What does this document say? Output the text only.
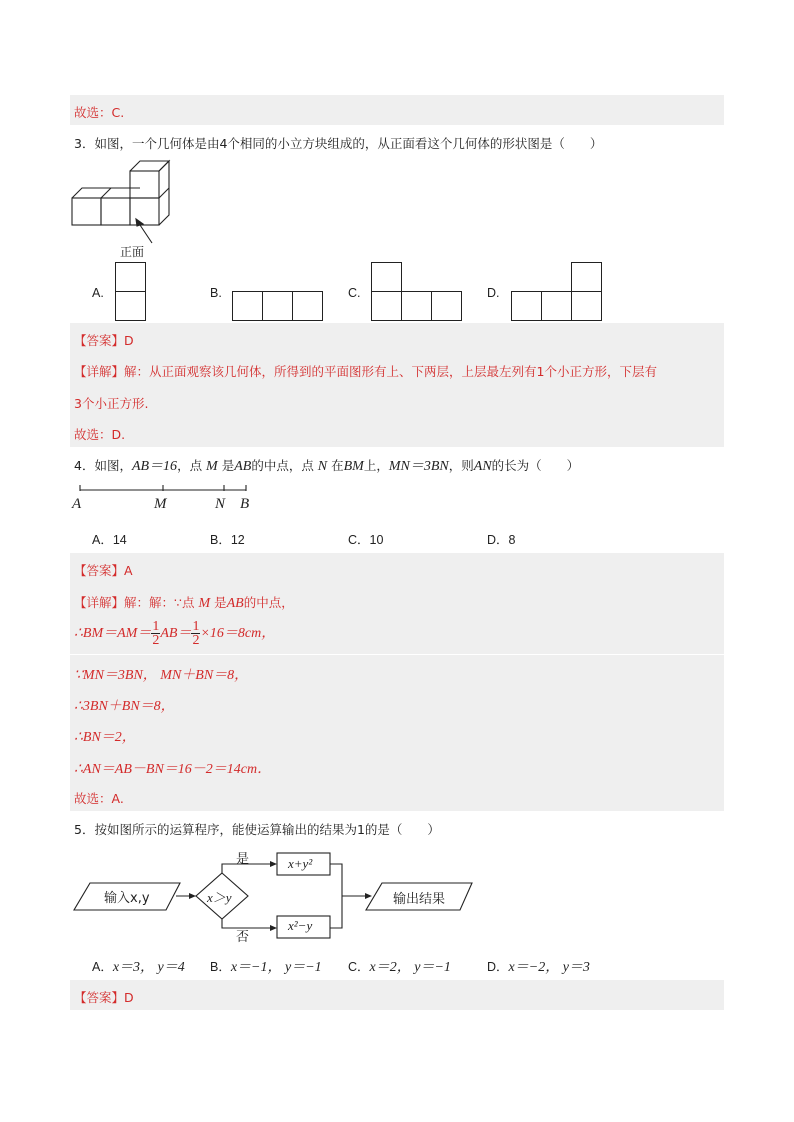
故选：C.
3．如图，一个几何体是由4个相同的小立方块组成的，从正面看这个几何体的形状图是（　　）
正面
A.	B.	C.	D.
【答案】D
【详解】解：从正面观察该几何体，所得到的平面图形有上、下两层，上层最左列有1个小正方形，下层有
3个小正方形.
故选：D.
4．如图，AB＝16，点 M 是AB的中点，点 N 在BM上，MN＝3BN，则AN的长为（　　）
A	M	N B
A．14	B．12	C．10	D．8
【答案】A
【详解】解：解：∵点 M 是AB的中点，
∴BM＝AM＝ $\frac{1}{2} AB= \frac{1}{2} \times 16=8cm$，
∵MN＝3BN， MN＋BN＝8，
∴3BN＋BN＝8，
∴BN＝2，
∴AN＝AB－BN＝16－2＝14cm．
故选：A.
5．按如图所示的运算程序，能使运算输出的结果为1的是（　　）
输入x,y	x＞y
是
否
x+y²
x²−y
输出结果
A．x＝3， y＝4 B．x＝−1， y＝−1 C．x＝2， y＝−1	D．x＝−2， y＝3
【答案】D
